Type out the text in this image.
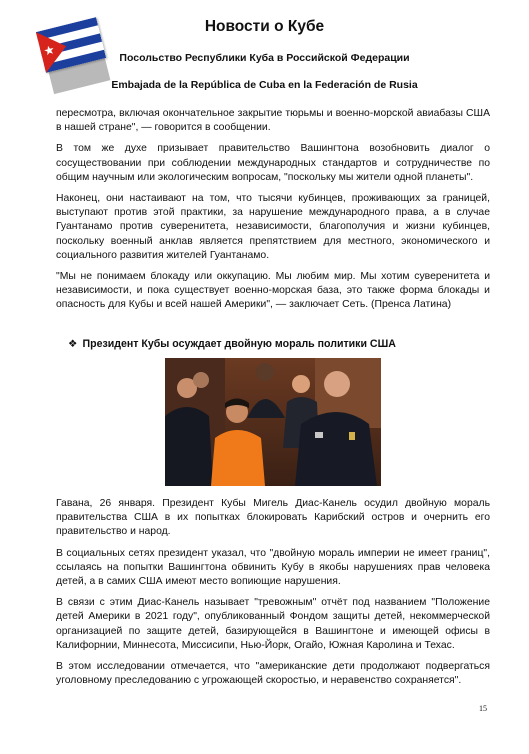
Новости о Кубе
Посольство Республики Куба в Российской Федерации
Embajada de la República de Cuba en la Federación de Rusia

пересмотра, включая окончательное закрытие тюрьмы и военно-морской авиабазы США в нашей стране", — говорится в сообщении.

В том же духе призывает правительство Вашингтона возобновить диалог о сосуществовании при соблюдении международных стандартов и сотрудничестве по общим научным или экологическим вопросам, "поскольку мы жители одной планеты".

Наконец, они настаивают на том, что тысячи кубинцев, проживающих за границей, выступают против этой практики, за нарушение международного права, а в случае Гуантанамо против суверенитета, независимости, благополучия и жизни кубинцев, поскольку военный анклав является препятствием для местного, экономического и социального развития жителей Гуантанамо.

"Мы не понимаем блокаду или оккупацию. Мы любим мир. Мы хотим суверенитета и независимости, и пока существует военно-морская база, это также форма блокады и опасность для Кубы и всей нашей Америки", — заключает Сеть. (Пренса Латина)

❖ Президент Кубы осуждает двойную мораль политики США

Гавана, 26 января. Президент Кубы Мигель Диас-Канель осудил двойную мораль правительства США в их попытках блокировать Карибский остров и очернить его правительство и народ.

В социальных сетях президент указал, что "двойную мораль империи не имеет границ", ссылаясь на попытки Вашингтона обвинить Кубу в якобы нарушениях прав человека детей, а в самих США имеют место вопиющие нарушения.

В связи с этим Диас-Канель называет "тревожным" отчёт под названием "Положение детей Америки в 2021 году", опубликованный Фондом защиты детей, некоммерческой организацией по защите детей, базирующейся в Вашингтоне и имеющей офисы в Калифорнии, Миннесота, Миссисипи, Нью-Йорк, Огайо, Южная Каролина и Техас.

В этом исследовании отмечается, что "американские дети продолжают подвергаться уголовному преследованию с угрожающей скоростью, и неравенство сохраняется".

15
